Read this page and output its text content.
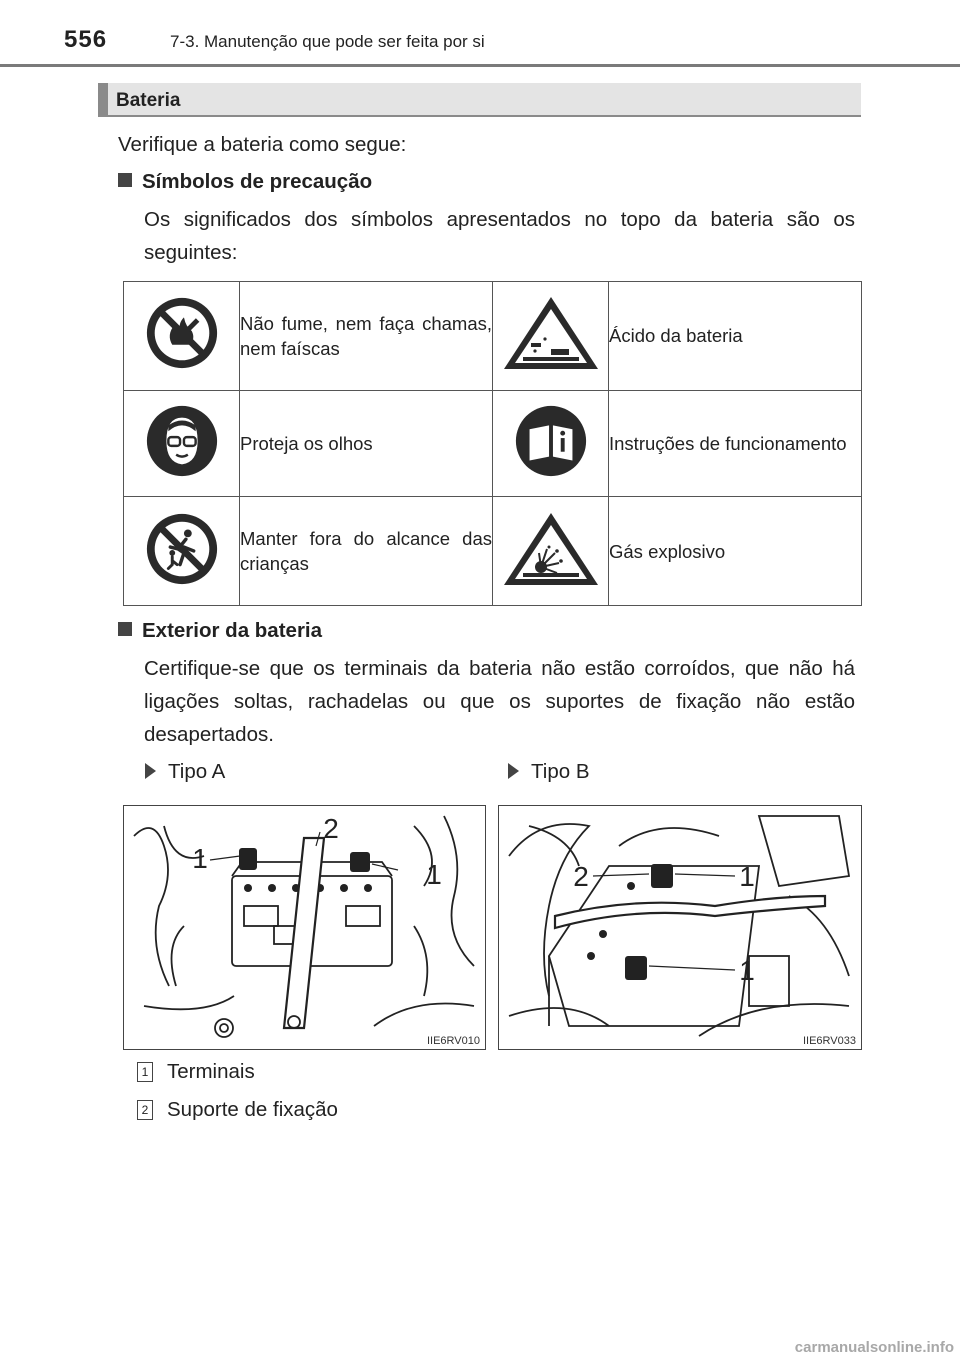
556	7-3. Manutenção que pode ser feita por si
Bateria
Verifique a bateria como segue:
Símbolos de precaução
Os significados dos símbolos apresentados no topo da bateria são os seguintes:
	Não fume, nem faça chamas, nem faíscas		Ácido da bateria
	Proteja os olhos		Instruções de funcionamento
	Manter fora do alcance das crianças		Gás explosivo
Exterior da bateria
Certifique-se que os terminais da bateria não estão corroídos, que não há ligações soltas, rachadelas ou que os suportes de fixação não estão desapertados.
Tipo A	Tipo B
1
2
1
IIE6RV010
2	1
1
IIE6RV033
1 Terminais
2 Suporte de fixação
carmanualsonline.info
